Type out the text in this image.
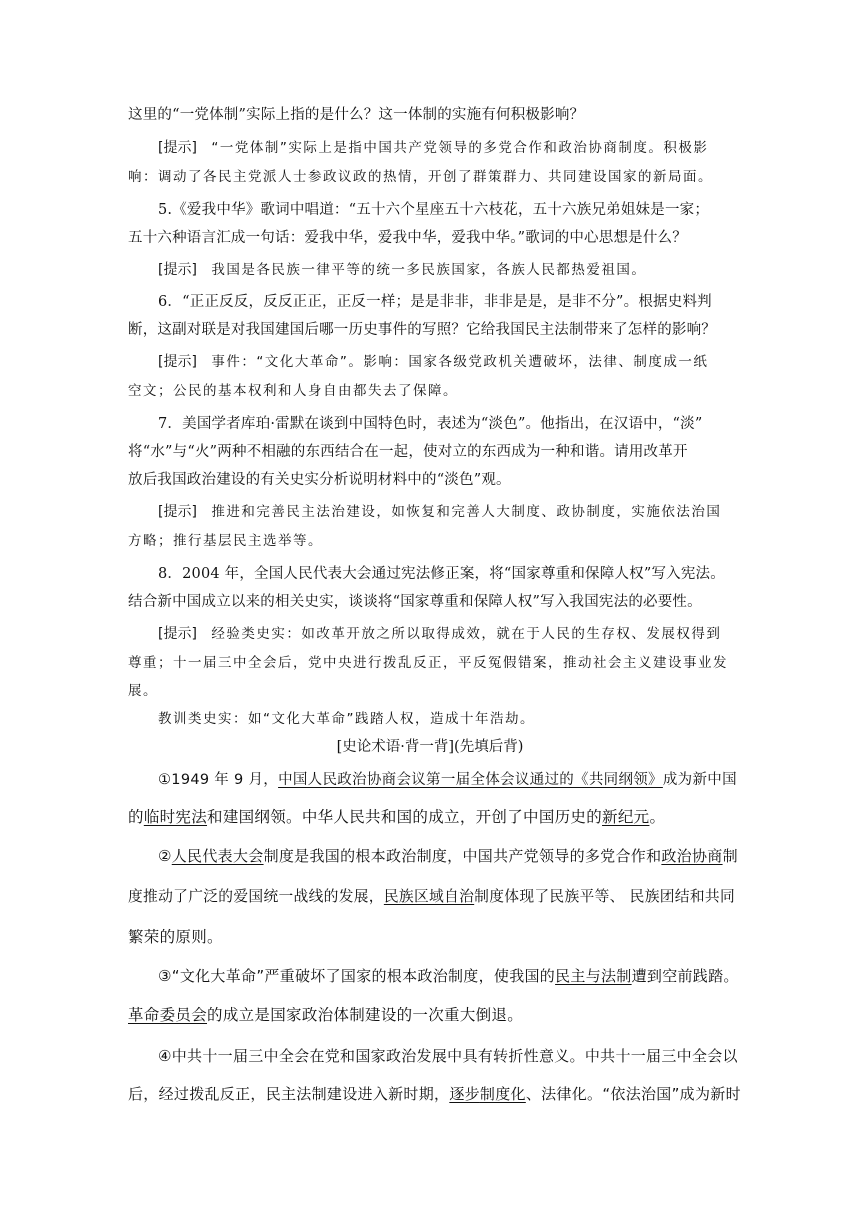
这里的“一党体制”实际上指的是什么？这一体制的实施有何积极影响？
[提示] “一党体制”实际上是指中国共产党领导的多党合作和政治协商制度。积极影
响：调动了各民主党派人士参政议政的热情，开创了群策群力、共同建设国家的新局面。
5.《爱我中华》歌词中唱道：“五十六个星座五十六枝花，五十六族兄弟姐妹是一家；
五十六种语言汇成一句话：爱我中华，爱我中华，爱我中华。”歌词的中心思想是什么？
[提示] 我国是各民族一律平等的统一多民族国家，各族人民都热爱祖国。
6．“正正反反，反反正正，正反一样；是是非非，非非是是，是非不分”。根据史料判
断，这副对联是对我国建国后哪一历史事件的写照？它给我国民主法制带来了怎样的影响？
[提示] 事件：“文化大革命”。影响：国家各级党政机关遭破坏，法律、制度成一纸
空文；公民的基本权利和人身自由都失去了保障。
7．美国学者库珀·雷默在谈到中国特色时，表述为“淡色”。他指出，在汉语中，“淡”
将“水”与“火”两种不相融的东西结合在一起，使对立的东西成为一种和谐。请用改革开
放后我国政治建设的有关史实分析说明材料中的“淡色”观。
[提示] 推进和完善民主法治建设，如恢复和完善人大制度、政协制度，实施依法治国
方略；推行基层民主选举等。
8．2004 年，全国人民代表大会通过宪法修正案，将“国家尊重和保障人权”写入宪法。
结合新中国成立以来的相关史实，谈谈将“国家尊重和保障人权”写入我国宪法的必要性。
[提示] 经验类史实：如改革开放之所以取得成效，就在于人民的生存权、发展权得到
尊重；十一届三中全会后，党中央进行拨乱反正，平反冤假错案，推动社会主义建设事业发
展。
教训类史实：如“文化大革命”践踏人权，造成十年浩劫。
[史论术语·背一背](先填后背)
①1949 年 9 月，中国人民政治协商会议第一届全体会议通过的《共同纲领》成为新中国
的临时宪法和建国纲领。中华人民共和国的成立，开创了中国历史的新纪元。
②人民代表大会制度是我国的根本政治制度，中国共产党领导的多党合作和政治协商制
度推动了广泛的爱国统一战线的发展，民族区域自治制度体现了民族平等、 民族团结和共同
繁荣的原则。
③“文化大革命”严重破坏了国家的根本政治制度，使我国的民主与法制遭到空前践踏。
革命委员会的成立是国家政治体制建设的一次重大倒退。
④中共十一届三中全会在党和国家政治发展中具有转折性意义。中共十一届三中全会以
后，经过拨乱反正，民主法制建设进入新时期，逐步制度化、法律化。“依法治国”成为新时
